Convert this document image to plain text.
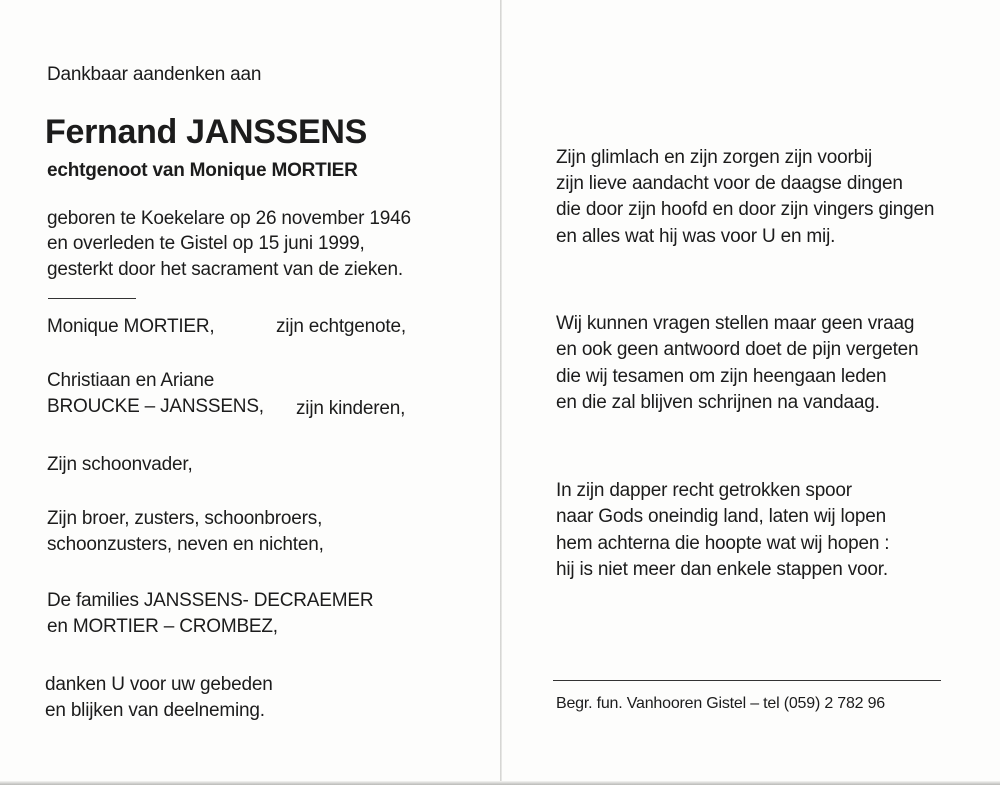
Dankbaar aandenken aan
Fernand JANSSENS
echtgenoot van Monique MORTIER
geboren te Koekelare op 26 november 1946
en overleden te Gistel op 15 juni 1999,
gesterkt door het sacrament van de zieken.
Monique MORTIER,	zijn echtgenote,
Christiaan en Ariane
BROUCKE – JANSSENS, zijn kinderen,
Zijn schoonvader,
Zijn broer, zusters, schoonbroers,
schoonzusters, neven en nichten,
De families JANSSENS- DECRAEMER
en MORTIER – CROMBEZ,
danken U voor uw gebeden
en blijken van deelneming.
Zijn glimlach en zijn zorgen zijn voorbij
zijn lieve aandacht voor de daagse dingen
die door zijn hoofd en door zijn vingers gingen
en alles wat hij was voor U en mij.
Wij kunnen vragen stellen maar geen vraag
en ook geen antwoord doet de pijn vergeten
die wij tesamen om zijn heengaan leden
en die zal blijven schrijnen na vandaag.
In zijn dapper recht getrokken spoor
naar Gods oneindig land, laten wij lopen
hem achterna die hoopte wat wij hopen :
hij is niet meer dan enkele stappen voor.
Begr. fun. Vanhooren Gistel – tel (059) 2 782 96
